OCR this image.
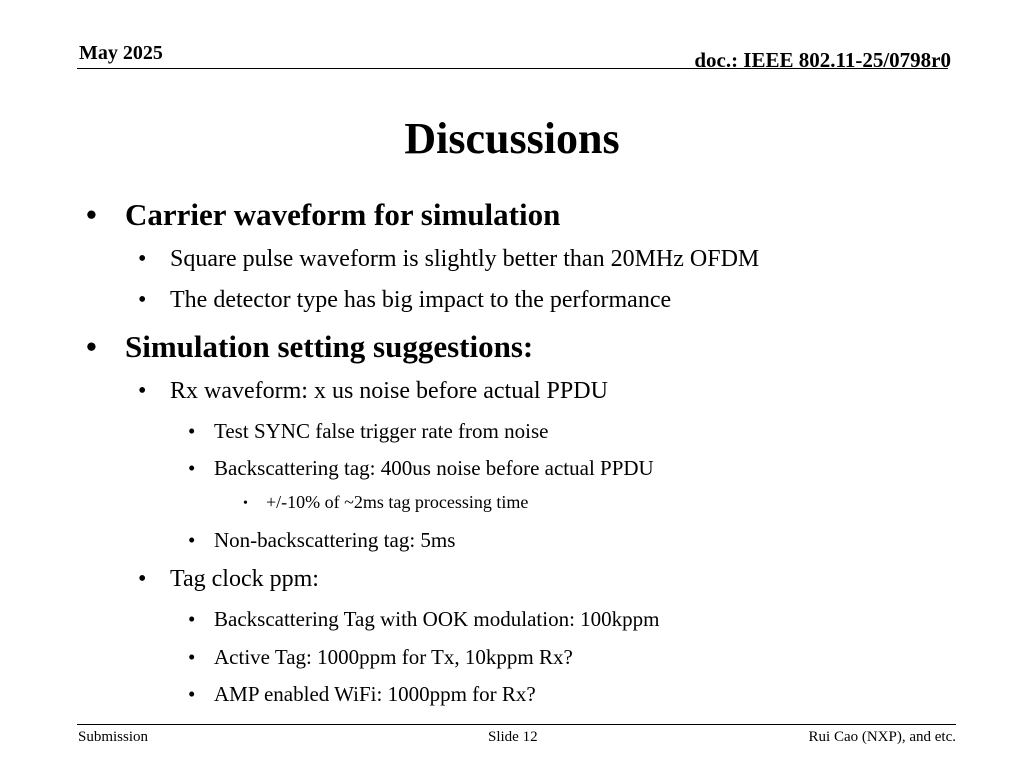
May 2025	doc.: IEEE 802.11-25/0798r0
Discussions
• Carrier waveform for simulation
• Square pulse waveform is slightly better than 20MHz OFDM
• The detector type has big impact to the performance
• Simulation setting suggestions:
• Rx waveform: x us noise before actual PPDU
• Test SYNC false trigger rate from noise
• Backscattering tag: 400us noise before actual PPDU
• +/-10% of ~2ms tag processing time
• Non-backscattering tag: 5ms
• Tag clock ppm:
• Backscattering Tag with OOK modulation: 100kppm
• Active Tag: 1000ppm for Tx, 10kppm Rx?
• AMP enabled WiFi: 1000ppm for Rx?
Submission	Slide 12	Rui Cao (NXP), and etc.
